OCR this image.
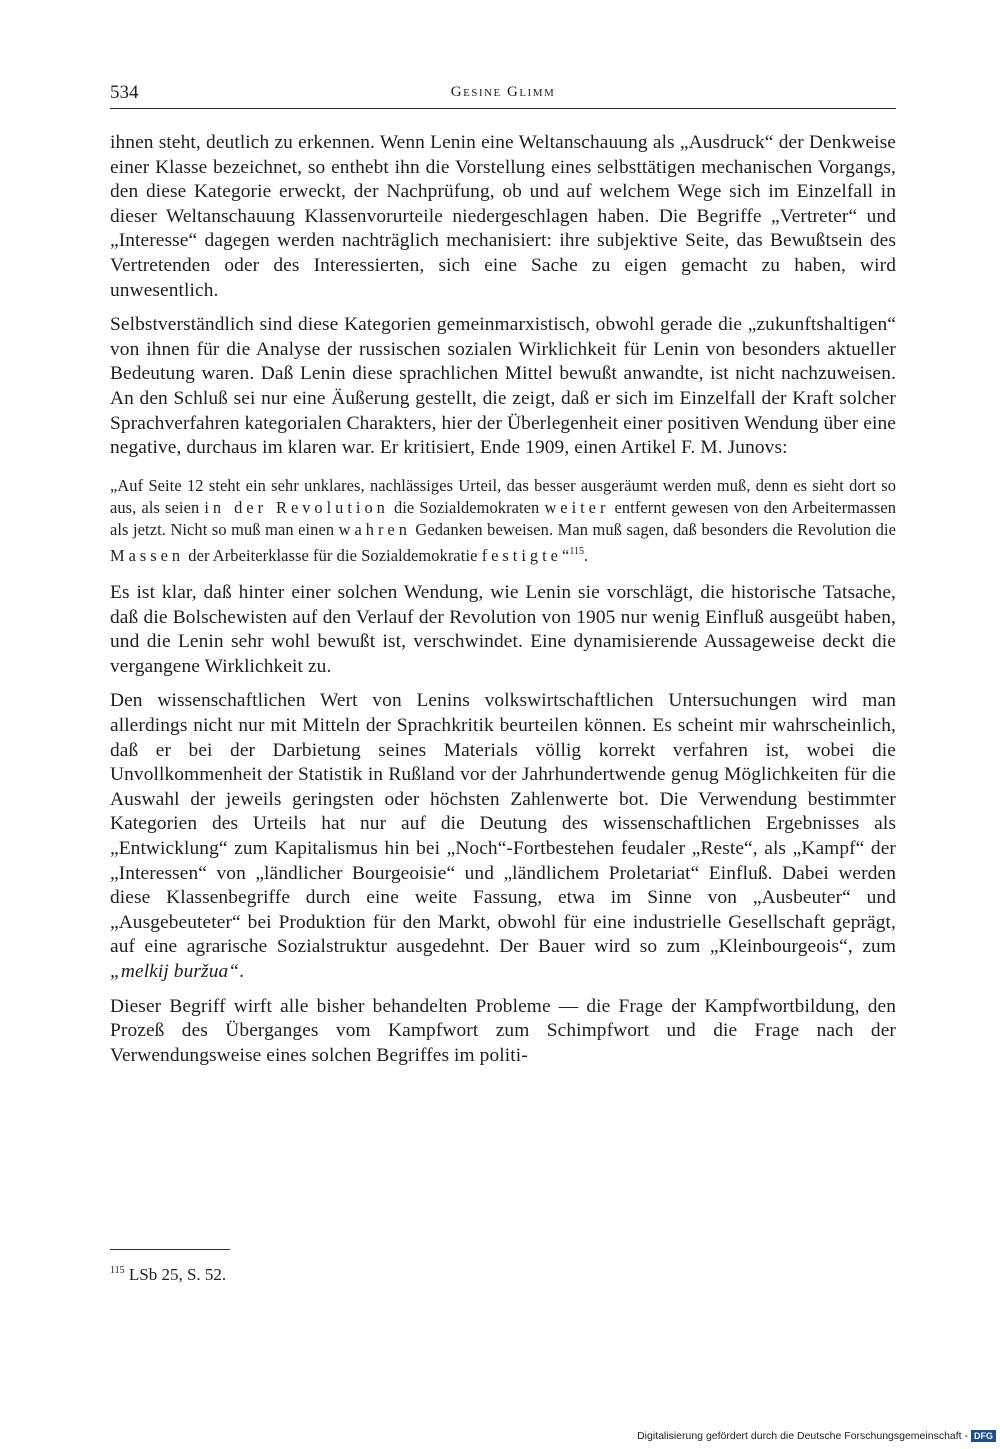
534	Gesine Glimm

ihnen steht, deutlich zu erkennen. Wenn Lenin eine Weltanschauung als „Ausdruck“ der Denkweise einer Klasse bezeichnet, so enthebt ihn die Vorstellung eines selbsttätigen mechanischen Vorgangs, den diese Kategorie erweckt, der Nachprüfung, ob und auf welchem Wege sich im Einzelfall in dieser Weltanschauung Klassenvorurteile niedergeschlagen haben. Die Begriffe „Vertreter“ und „Interesse“ dagegen werden nachträglich mechanisiert: ihre subjektive Seite, das Bewußtsein des Vertretenden oder des Interessierten, sich eine Sache zu eigen gemacht zu haben, wird unwesentlich.

Selbstverständlich sind diese Kategorien gemeinmarxistisch, obwohl gerade die „zukunftshaltigen“ von ihnen für die Analyse der russischen sozialen Wirklichkeit für Lenin von besonders aktueller Bedeutung waren. Daß Lenin diese sprachlichen Mittel bewußt anwandte, ist nicht nachzuweisen. An den Schluß sei nur eine Äußerung gestellt, die zeigt, daß er sich im Einzelfall der Kraft solcher Sprachverfahren kategorialen Charakters, hier der Überlegenheit einer positiven Wendung über eine negative, durchaus im klaren war. Er kritisiert, Ende 1909, einen Artikel F. M. Junovs:

„Auf Seite 12 steht ein sehr unklares, nachlässiges Urteil, das besser ausgeräumt werden muß, denn es sieht dort so aus, als seien in der Revolution die Sozialdemokraten weiter entfernt gewesen von den Arbeitermassen als jetzt. Nicht so muß man einen wahren Gedanken beweisen. Man muß sagen, daß besonders die Revolution die Massen der Arbeiterklasse für die Sozialdemokratie festigte“$^{115}$.

Es ist klar, daß hinter einer solchen Wendung, wie Lenin sie vorschlägt, die historische Tatsache, daß die Bolschewisten auf den Verlauf der Revolution von 1905 nur wenig Einfluß ausgeübt haben, und die Lenin sehr wohl bewußt ist, verschwindet. Eine dynamisierende Aussageweise deckt die vergangene Wirklichkeit zu.

Den wissenschaftlichen Wert von Lenins volkswirtschaftlichen Untersuchungen wird man allerdings nicht nur mit Mitteln der Sprachkritik beurteilen können. Es scheint mir wahrscheinlich, daß er bei der Darbietung seines Materials völlig korrekt verfahren ist, wobei die Unvollkommenheit der Statistik in Rußland vor der Jahrhundertwende genug Möglichkeiten für die Auswahl der jeweils geringsten oder höchsten Zahlenwerte bot. Die Verwendung bestimmter Kategorien des Urteils hat nur auf die Deutung des wissenschaftlichen Ergebnisses als „Entwicklung“ zum Kapitalismus hin bei „Noch“-Fortbestehen feudaler „Reste“, als „Kampf“ der „Interessen“ von „ländlicher Bourgeoisie“ und „ländlichem Proletariat“ Einfluß. Dabei werden diese Klassenbegriffe durch eine weite Fassung, etwa im Sinne von „Ausbeuter“ und „Ausgebeuteter“ bei Produktion für den Markt, obwohl für eine industrielle Gesellschaft geprägt, auf eine agrarische Sozialstruktur ausgedehnt. Der Bauer wird so zum „Kleinbourgeois“, zum „melkij buržua“.

Dieser Begriff wirft alle bisher behandelten Probleme — die Frage der Kampfwortbildung, den Prozeß des Überganges vom Kampfwort zum Schimpfwort und die Frage nach der Verwendungsweise eines solchen Begriffes im politi-

$^{115}$ LSb 25, S. 52.
Digitalisierung gefördert durch die Deutsche Forschungsgemeinschaft - DFG
